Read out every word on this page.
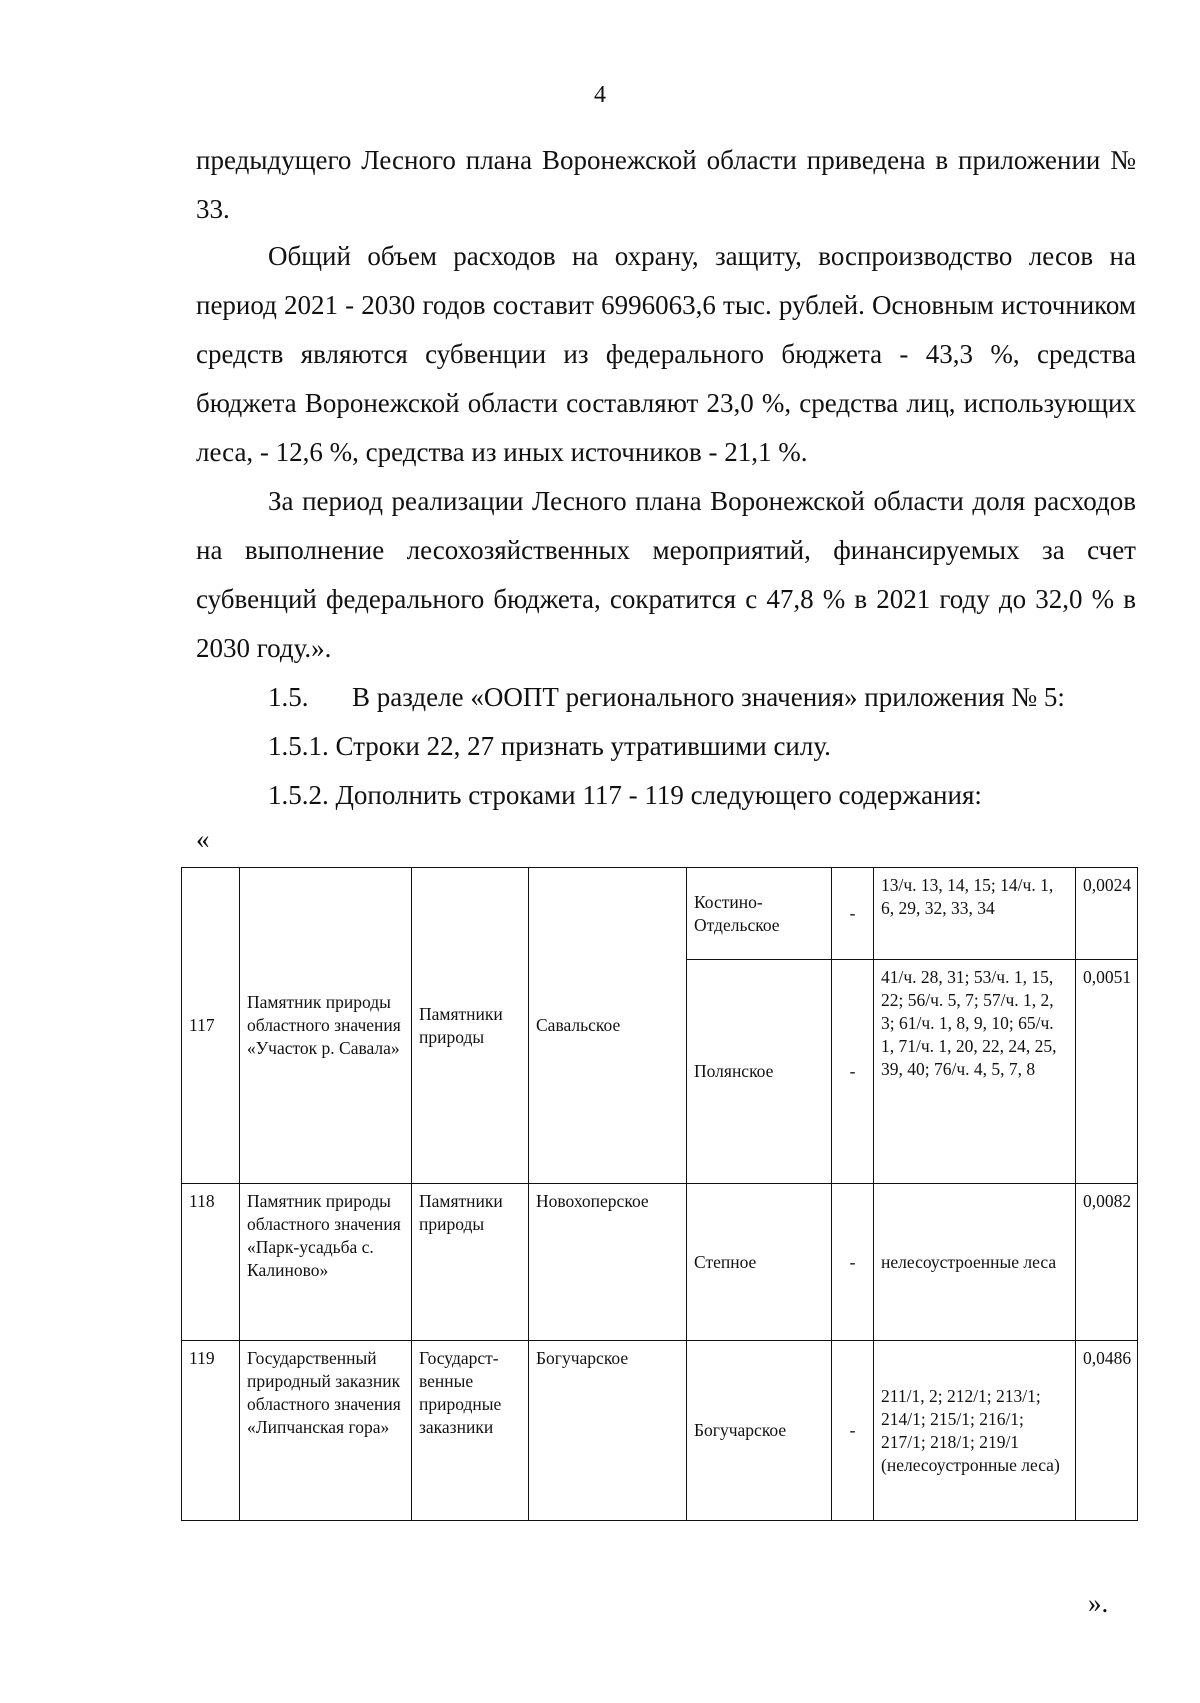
4

предыдущего Лесного плана Воронежской области приведена в приложении № 33.

Общий объем расходов на охрану, защиту, воспроизводство лесов на период 2021 - 2030 годов составит 6996063,6 тыс. рублей. Основным источником средств являются субвенции из федерального бюджета - 43,3 %, средства бюджета Воронежской области составляют 23,0 %, средства лиц, использующих леса, - 12,6 %, средства из иных источников - 21,1 %.

За период реализации Лесного плана Воронежской области доля расходов на выполнение лесохозяйственных мероприятий, финансируемых за счет субвенций федерального бюджета, сократится с 47,8 % в 2021 году до 32,0 % в 2030 году.».

1.5. В разделе «ООПТ регионального значения» приложения № 5:
1.5.1. Строки 22, 27 признать утратившими силу.
1.5.2. Дополнить строками 117 - 119 следующего содержания:
«
117	Памятник природы областного значения «Участок р. Савала»	Памятники природы	Савальское	Костино-Отдельское	-	13/ч. 13, 14, 15; 14/ч. 1, 6, 29, 32, 33, 34	0,0024
				Полянское	-	41/ч. 28, 31; 53/ч. 1, 15, 22; 56/ч. 5, 7; 57/ч. 1, 2, 3; 61/ч. 1, 8, 9, 10; 65/ч. 1, 71/ч. 1, 20, 22, 24, 25, 39, 40; 76/ч. 4, 5, 7, 8	0,0051
118	Памятник природы областного значения «Парк-усадьба с. Калиново»	Памятники природы	Новохоперское	Степное	-	нелесоустроенные леса	0,0082
119	Государственный природный заказник областного значения «Липчанская гора»	Государст-венные природные заказники	Богучарское	Богучарское	-	211/1, 2; 212/1; 213/1; 214/1; 215/1; 216/1; 217/1; 218/1; 219/1 (нелесоустронные леса)	0,0486
».
